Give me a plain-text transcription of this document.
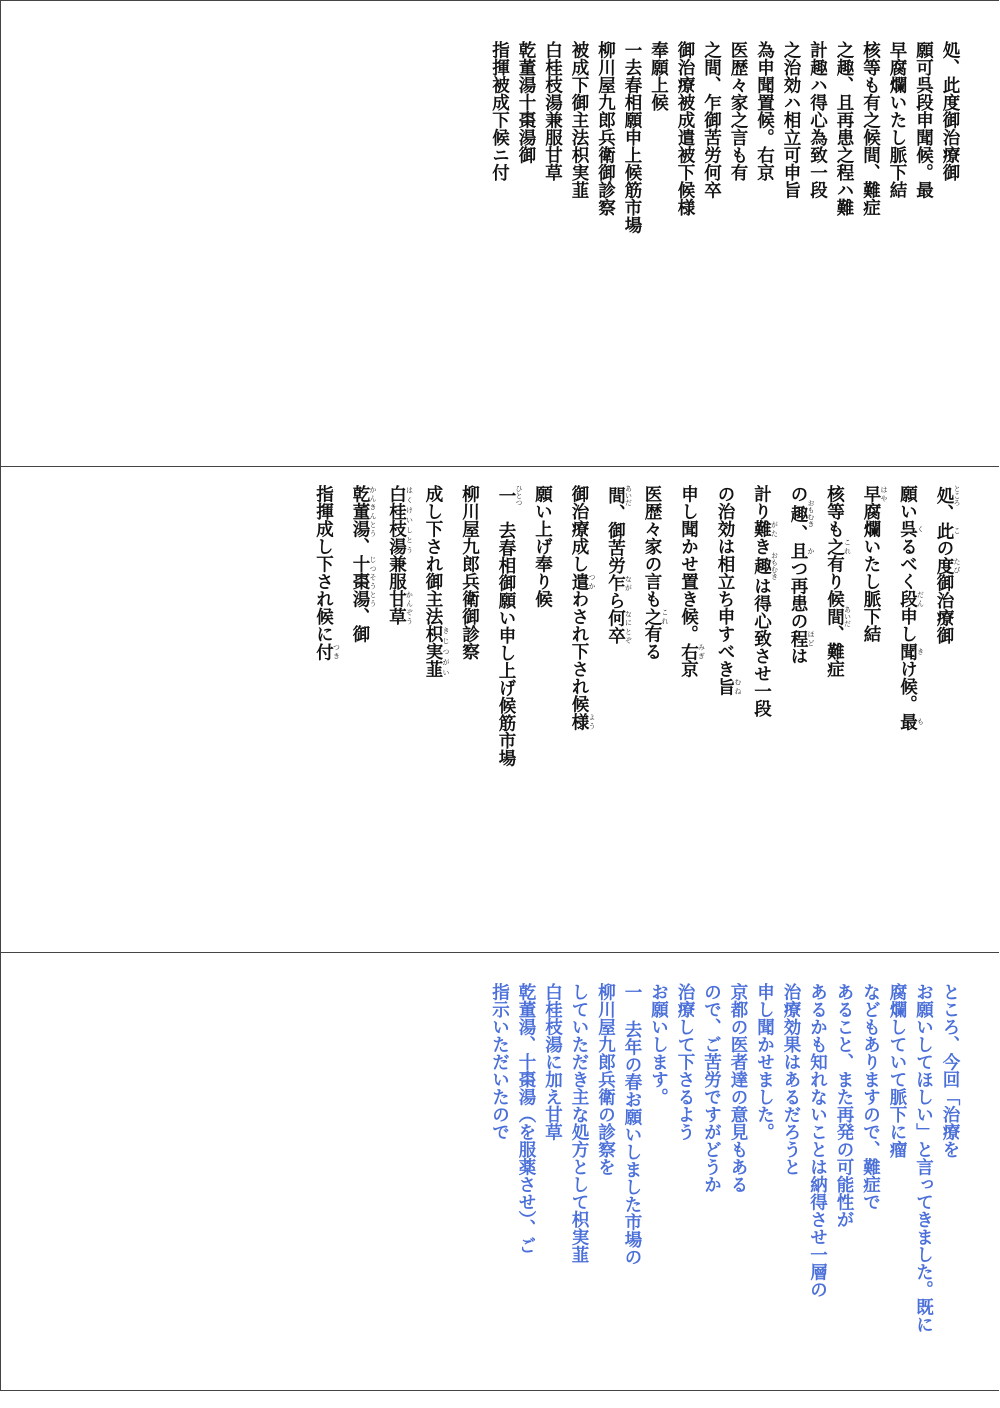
処、此度御治療御
願可呉段申聞候。最
早腐爛いたし脈下結
核等も有之候間、難症
之趣、且再患之程ハ難
計趣ハ得心為致一段
之治効ハ相立可申旨
為申聞置候。右京
医歴々家之言も有
之間、乍御苦労何卒
御治療被成遣被下候様
奉願上候
一去春相願申上候筋市場
柳川屋九郎兵衛御診察
被成下御主法枳実韮
白桂枝湯兼服甘草
乾董湯十棗湯御
指揮被成下候ニ付
処 ところ、此 この度 たび御治療御
願い呉 くるべく段 だん申し聞 きけ候。最 も
早 はや腐爛いたし脈下結
核等も之 これ有り候間 あいだ、難症
の趣 おもむき、且 かつ再患の程 ほどは
計り難 がたき趣 おもむきは得心致させ一段
の治効は相立ち申すべき旨 むね
申し聞かせ置き候。右 みぎ京
医歴々家の言も之 これ有る
間 あいだ、御苦労乍 ながら何卒 なにとぞ
御治療成し遣 つかわされ下され候様 よう
願い上げ奉り候
一 ひとつ　去春相御願い申し上げ候筋市場
柳川屋九郎兵衛御診察
成し下され御主法枳実韮 きじつがい
白桂枝湯 はくけいしとう兼服甘草 かんぞう
乾董湯 かんきんとう、十棗湯 じつそうとう、御
指揮成し下され候に付 つき
ところ、今回「治療を
お願いしてほしい」と言ってきました。既に
腐爛していて脈下に瘤
などもありますので、難症で
あること、また再発の可能性が
あるかも知れないことは納得させ一層の
治療効果はあるだろうと
申し聞かせました。
京都の医者達の意見もある
ので、ご苦労ですがどうか
治療して下さるよう
お願いします。
一 去年の春お願いしました市場の
柳川屋九郎兵衛の診察を
していただき主な処方として枳実韮
白桂枝湯に加え甘草
乾董湯、十棗湯（を服薬させ）、ご
指示いただいたので
